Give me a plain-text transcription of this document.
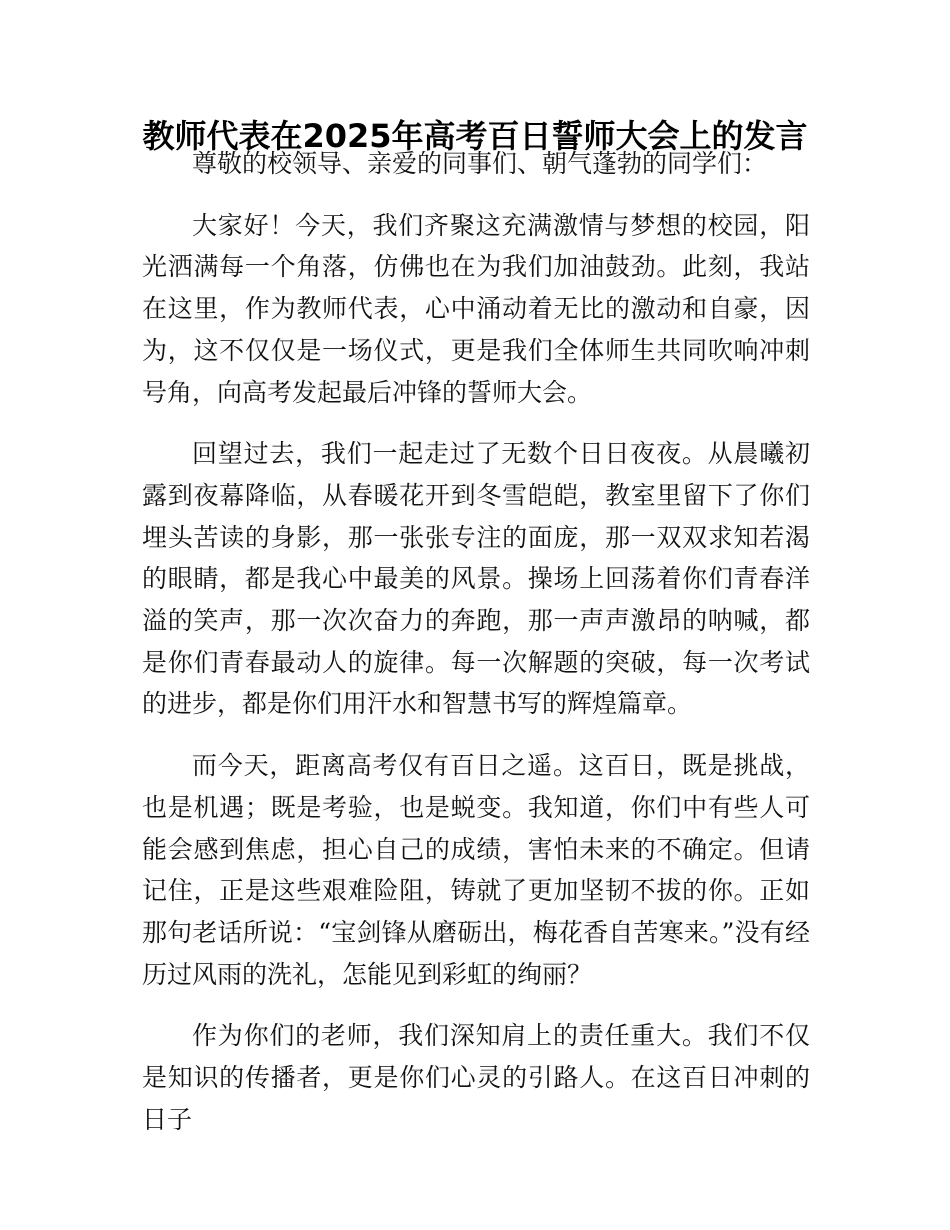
教师代表在2025年高考百日誓师大会上的发言

尊敬的校领导、亲爱的同事们、朝气蓬勃的同学们：

大家好！今天，我们齐聚这充满激情与梦想的校园，阳光洒满每一个角落，仿佛也在为我们加油鼓劲。此刻，我站在这里，作为教师代表，心中涌动着无比的激动和自豪，因为，这不仅仅是一场仪式，更是我们全体师生共同吹响冲刺号角，向高考发起最后冲锋的誓师大会。

回望过去，我们一起走过了无数个日日夜夜。从晨曦初露到夜幕降临，从春暖花开到冬雪皑皑，教室里留下了你们埋头苦读的身影，那一张张专注的面庞，那一双双求知若渴的眼睛，都是我心中最美的风景。操场上回荡着你们青春洋溢的笑声，那一次次奋力的奔跑，那一声声激昂的呐喊，都是你们青春最动人的旋律。每一次解题的突破，每一次考试的进步，都是你们用汗水和智慧书写的辉煌篇章。

而今天，距离高考仅有百日之遥。这百日，既是挑战，也是机遇；既是考验，也是蜕变。我知道，你们中有些人可能会感到焦虑，担心自己的成绩，害怕未来的不确定。但请记住，正是这些艰难险阻，铸就了更加坚韧不拔的你。正如那句老话所说：“宝剑锋从磨砺出，梅花香自苦寒来。”没有经历过风雨的洗礼，怎能见到彩虹的绚丽？

作为你们的老师，我们深知肩上的责任重大。我们不仅是知识的传播者，更是你们心灵的引路人。在这百日冲刺的日子
